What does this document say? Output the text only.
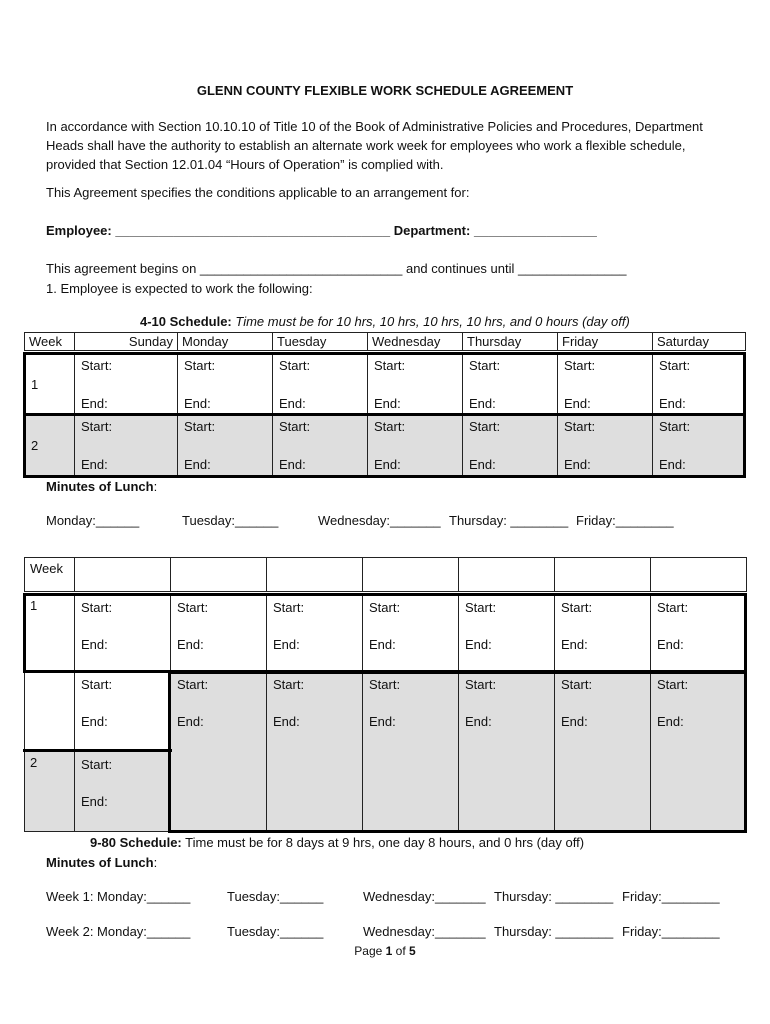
GLENN COUNTY FLEXIBLE WORK SCHEDULE AGREEMENT
In accordance with Section 10.10.10 of Title 10 of the Book of Administrative Policies and Procedures, Department Heads shall have the authority to establish an alternate work week for employees who work a flexible schedule, provided that Section 12.01.04 “Hours of Operation” is complied with.
This Agreement specifies the conditions applicable to an arrangement for:
Employee: ______________________________________ Department: _________________
This agreement begins on ____________________________ and continues until _______________
1. Employee is expected to work the following:
4-10 Schedule: Time must be for 10 hrs, 10 hrs, 10 hrs, 10 hrs, and 0 hours (day off)
Week	Sunday	Monday	Tuesday	Wednesday	Thursday	Friday	Saturday
1	Start:
End:	Start:
End:	Start:
End:	Start:
End:	Start:
End:	Start:
End:	Start:
End:

2	Start:
End:	Start:
End:	Start:
End:	Start:
End:	Start:
End:	Start:
End:	Start:
End:
Minutes of Lunch:
Monday:______	Tuesday:______	Wednesday:_______ Thursday: ________ Friday:________
Week							
1	Start:
End:	Start:
End:	Start:
End:	Start:
End:	Start:
End:	Start:
End:	Start:
End:

	Start:
End:	Start:
End:	Start:
End:	Start:
End:	Start:
End:	Start:
End:	Start:
End:

2	Start:
End:						
9-80 Schedule: Time must be for 8 days at 9 hrs, one day 8 hours, and 0 hrs (day off)
Minutes of Lunch:
Week 1: Monday:______	Tuesday:______	Wednesday:_______ Thursday: ________ Friday:________
Week 2: Monday:______	Tuesday:______	Wednesday:_______ Thursday: ________ Friday:________
Page 1 of 5
